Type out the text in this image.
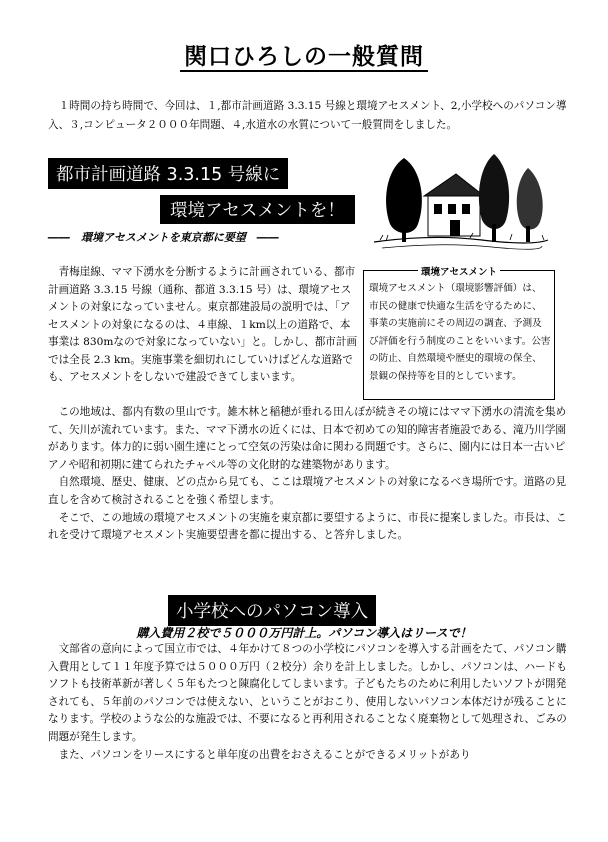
関口ひろしの一般質問
１時間の持ち時間で、今回は、１,都市計画道路 3.3.15 号線と環境アセスメント、2,小学校へのパソコン導入、３,コンピュータ２０００年問題、４,水道水の水質について一般質問をしました。
都市計画道路 3.3.15 号線に
環境アセスメントを！
――　環境アセスメントを東京都に要望　――
環境アセスメント
環境アセスメント（環境影響評価）は、市民の健康で快適な生活を守るために、事業の実施前にその周辺の調査、予測及び評価を行う制度のことをいいます。公害の防止、自然環境や歴史的環境の保全、景観の保持等を目的としています。

青梅崖線、ママ下湧水を分断するように計画されている、都市計画道路 3.3.15 号線（通称、都道 3.3.15 号）は、環境アセスメントの対象になっていません。東京都建設局の説明では、「アセスメントの対象になるのは、４車線、１km以上の道路で、本事業は 830mなので対象になっていない」と。しかし、都市計画では全長 2.3 km。実施事業を細切れにしていけばどんな道路でも、アセスメントをしないで建設できてしまいます。

この地域は、都内有数の里山です。雑木林と稲穂が垂れる田んぼが続きその境にはママ下湧水の清流を集めて、矢川が流れています。また、ママ下湧水の近くには、日本で初めての知的障害者施設である、滝乃川学園があります。体力的に弱い園生達にとって空気の汚染は命に関わる問題です。さらに、園内には日本一古いピアノや昭和初期に建てられたチャペル等の文化財的な建築物があります。

自然環境、歴史、健康、どの点から見ても、ここは環境アセスメントの対象になるべき場所です。道路の見直しを含めて検討されることを強く希望します。

そこで、この地域の環境アセスメントの実施を東京都に要望するように、市長に提案しました。市長は、これを受けて環境アセスメント実施要望書を都に提出する、と答弁しました。

小学校へのパソコン導入
購入費用２校で５０００万円計上。パソコン導入はリースで！

文部省の意向によって国立市では、４年かけて８つの小学校にパソコンを導入する計画をたて、パソコン購入費用として１１年度予算では５０００万円（２校分）余りを計上しました。しかし、パソコンは、ハードもソフトも技術革新が著しく５年もたつと陳腐化してしまいます。子どもたちのために利用したいソフトが開発されても、５年前のパソコンでは使えない、ということがおこり、使用しないパソコン本体だけが残ることになります。学校のような公的な施設では、不要になると再利用されることなく廃棄物として処理され、ごみの問題が発生します。

また、パソコンをリースにすると単年度の出費をおさえることができるメリットがあり
